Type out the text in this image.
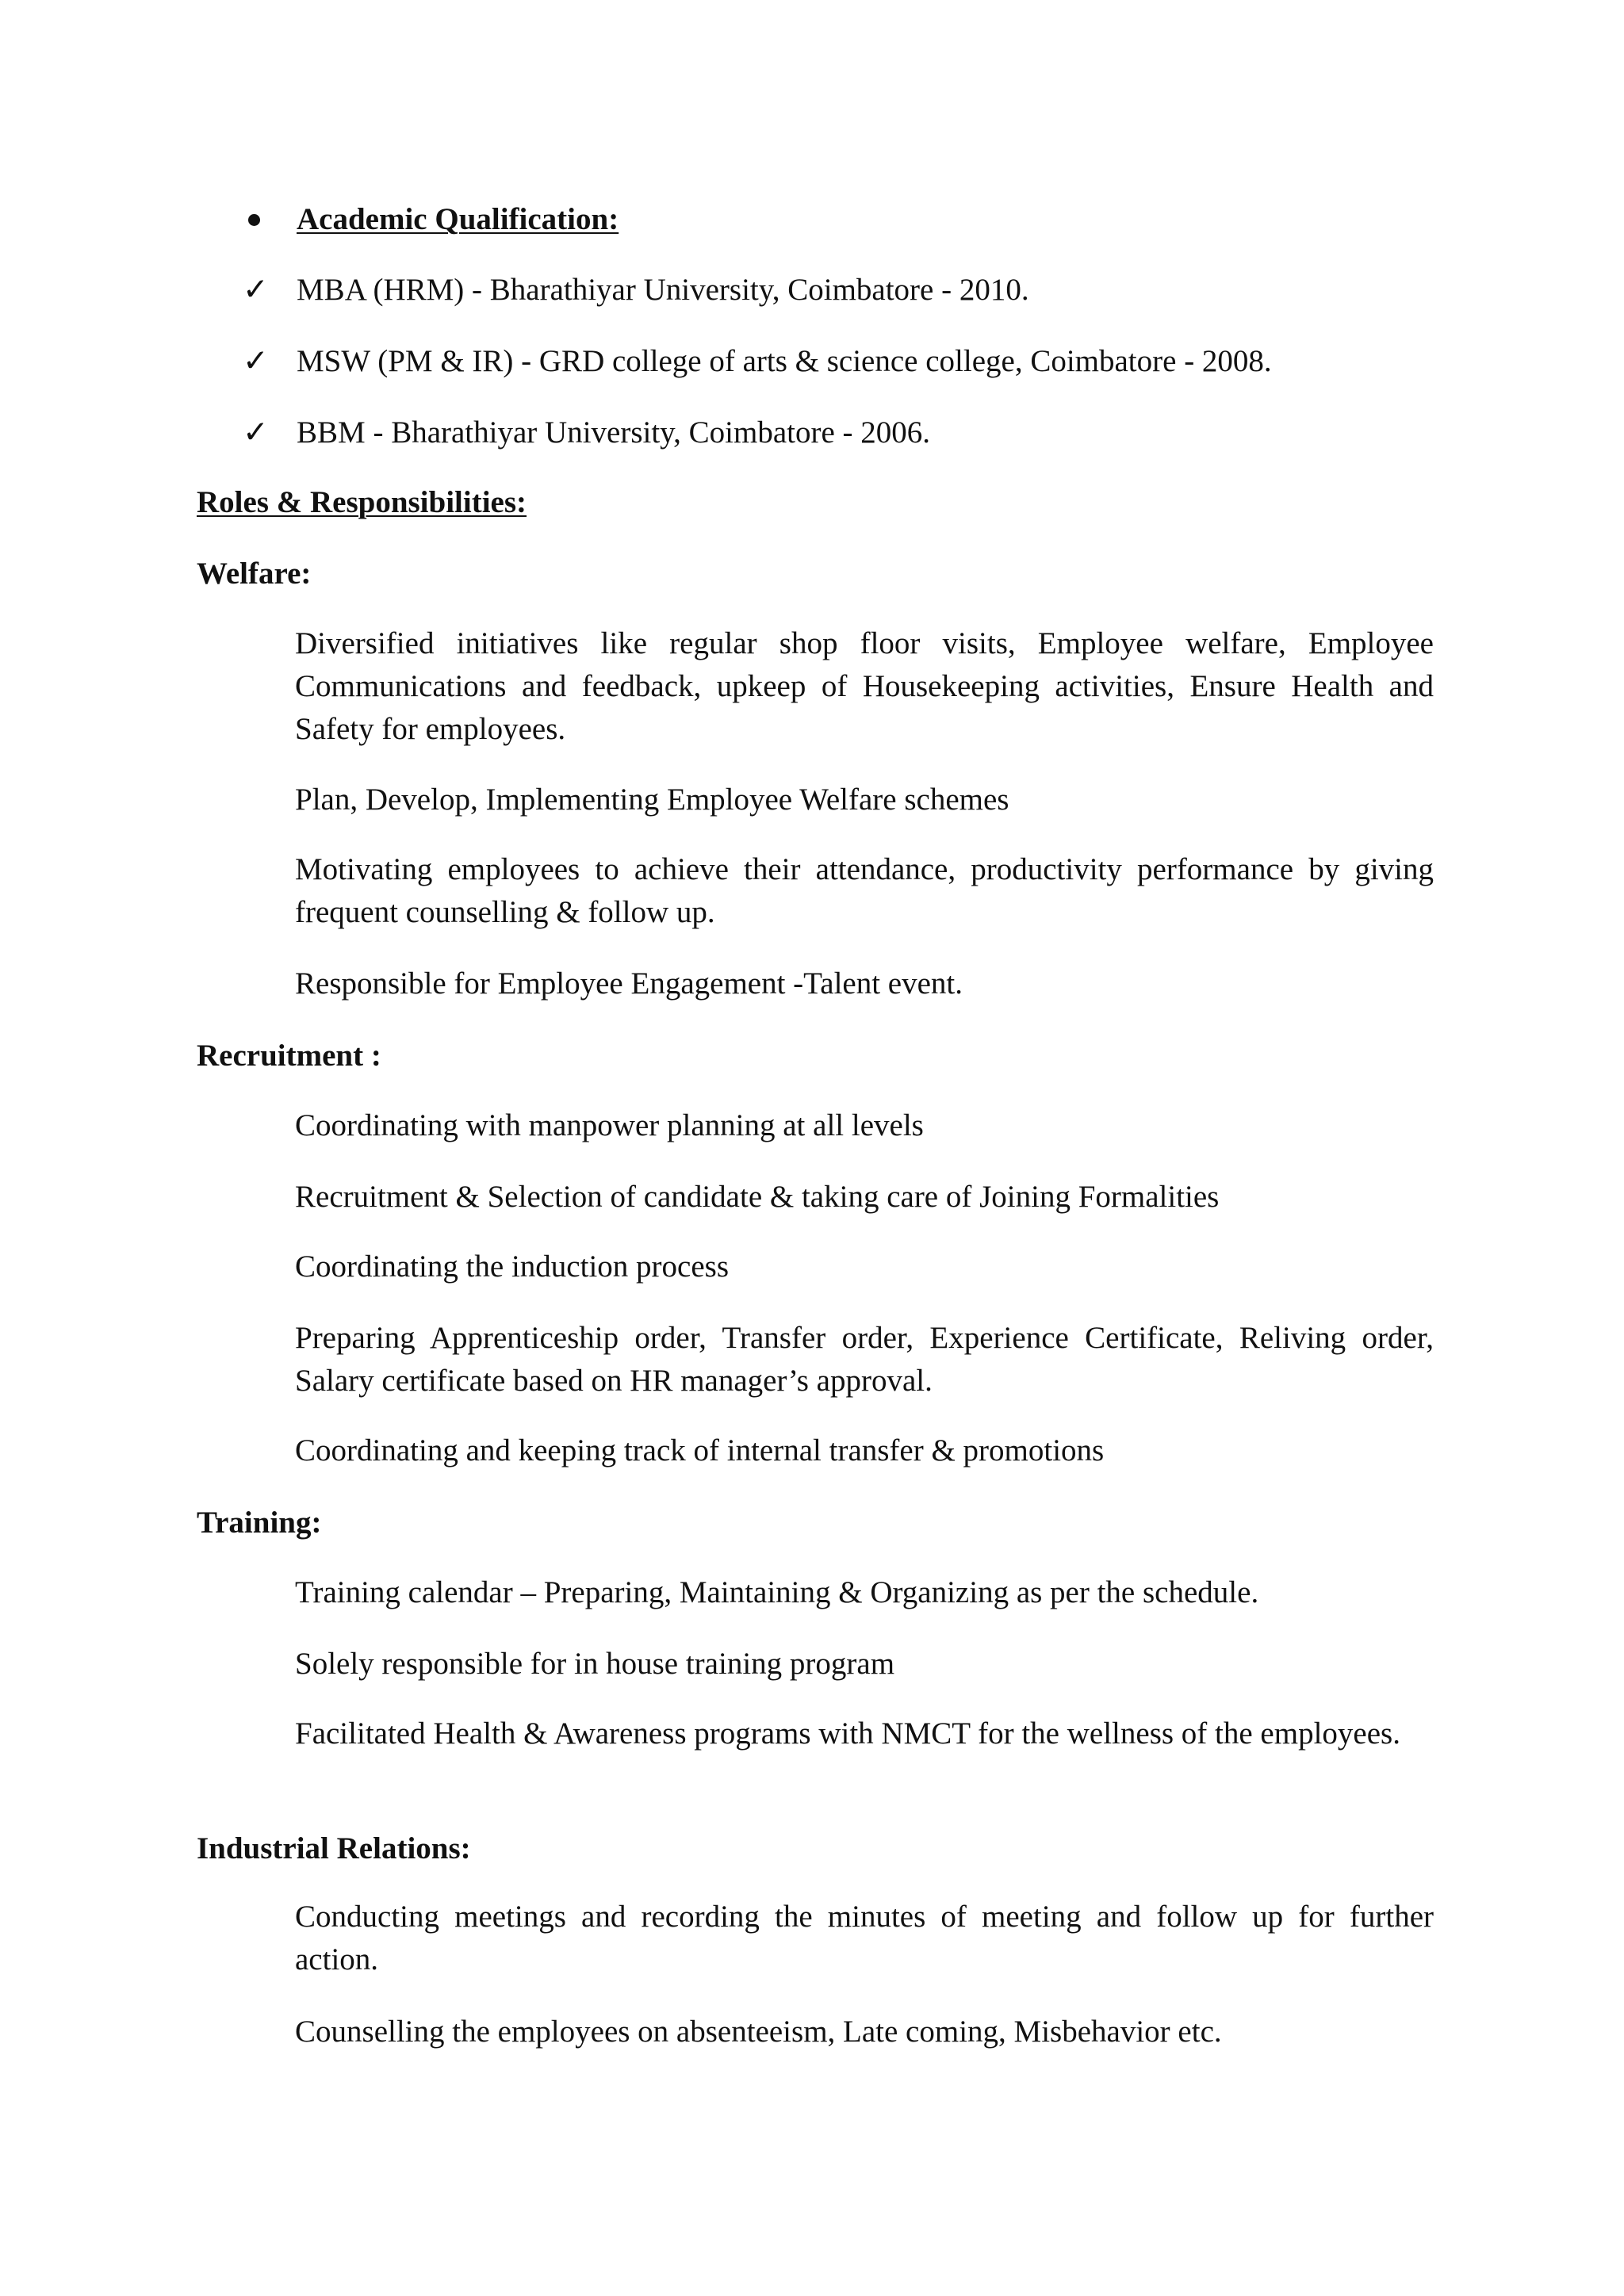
Academic Qualification:
✓ MBA (HRM) - Bharathiyar University, Coimbatore - 2010.
✓ MSW (PM & IR) - GRD college of arts & science college, Coimbatore - 2008.
✓ BBM - Bharathiyar University, Coimbatore - 2006.
Roles & Responsibilities:
Welfare:
Diversified initiatives like regular shop floor visits, Employee welfare, Employee Communications and feedback, upkeep of Housekeeping activities, Ensure Health and Safety for employees.
Plan, Develop, Implementing Employee Welfare schemes
Motivating employees to achieve their attendance, productivity performance by giving frequent counselling & follow up.
Responsible for Employee Engagement -Talent event.
Recruitment :
Coordinating with manpower planning at all levels
Recruitment & Selection of candidate & taking care of Joining Formalities
Coordinating the induction process
Preparing Apprenticeship order, Transfer order, Experience Certificate, Reliving order, Salary certificate based on HR manager’s approval.
Coordinating and keeping track of internal transfer & promotions
Training:
Training calendar – Preparing, Maintaining & Organizing as per the schedule.
Solely responsible for in house training program
Facilitated Health & Awareness programs with NMCT for the wellness of the employees.
Industrial Relations:
Conducting meetings and recording the minutes of meeting and follow up for further action.
Counselling the employees on absenteeism, Late coming, Misbehavior etc.
